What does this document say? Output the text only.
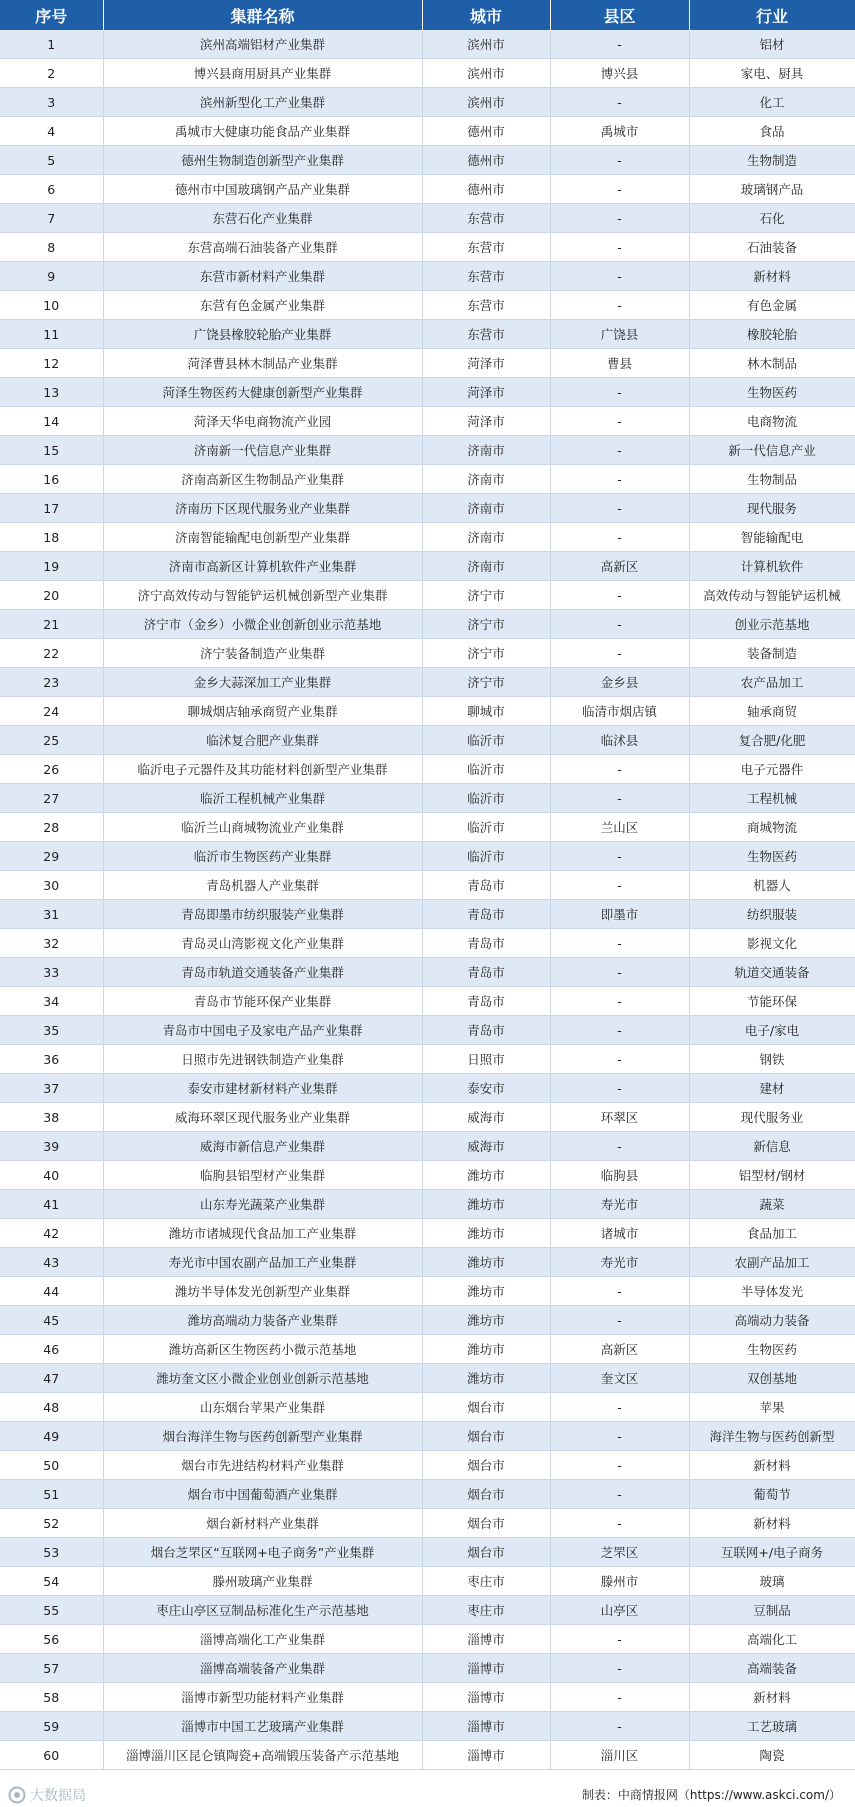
序号	集群名称	城市	县区	行业
1	滨州高端铝材产业集群	滨州市	-	铝材
2	博兴县商用厨具产业集群	滨州市	博兴县	家电、厨具
3	滨州新型化工产业集群	滨州市	-	化工
4	禹城市大健康功能食品产业集群	德州市	禹城市	食品
5	德州生物制造创新型产业集群	德州市	-	生物制造
6	德州市中国玻璃钢产品产业集群	德州市	-	玻璃钢产品
7	东营石化产业集群	东营市	-	石化
8	东营高端石油装备产业集群	东营市	-	石油装备
9	东营市新材料产业集群	东营市	-	新材料
10	东营有色金属产业集群	东营市	-	有色金属
11	广饶县橡胶轮胎产业集群	东营市	广饶县	橡胶轮胎
12	菏泽曹县林木制品产业集群	菏泽市	曹县	林木制品
13	菏泽生物医药大健康创新型产业集群	菏泽市	-	生物医药
14	菏泽天华电商物流产业园	菏泽市	-	电商物流
15	济南新一代信息产业集群	济南市	-	新一代信息产业
16	济南高新区生物制品产业集群	济南市	-	生物制品
17	济南历下区现代服务业产业集群	济南市	-	现代服务
18	济南智能输配电创新型产业集群	济南市	-	智能输配电
19	济南市高新区计算机软件产业集群	济南市	高新区	计算机软件
20	济宁高效传动与智能铲运机械创新型产业集群	济宁市	-	高效传动与智能铲运机械
21	济宁市（金乡）小微企业创新创业示范基地	济宁市	-	创业示范基地
22	济宁装备制造产业集群	济宁市	-	装备制造
23	金乡大蒜深加工产业集群	济宁市	金乡县	农产品加工
24	聊城烟店轴承商贸产业集群	聊城市	临清市烟店镇	轴承商贸
25	临沭复合肥产业集群	临沂市	临沭县	复合肥/化肥
26	临沂电子元器件及其功能材料创新型产业集群	临沂市	-	电子元器件
27	临沂工程机械产业集群	临沂市	-	工程机械
28	临沂兰山商城物流业产业集群	临沂市	兰山区	商城物流
29	临沂市生物医药产业集群	临沂市	-	生物医药
30	青岛机器人产业集群	青岛市	-	机器人
31	青岛即墨市纺织服装产业集群	青岛市	即墨市	纺织服装
32	青岛灵山湾影视文化产业集群	青岛市	-	影视文化
33	青岛市轨道交通装备产业集群	青岛市	-	轨道交通装备
34	青岛市节能环保产业集群	青岛市	-	节能环保
35	青岛市中国电子及家电产品产业集群	青岛市	-	电子/家电
36	日照市先进钢铁制造产业集群	日照市	-	钢铁
37	泰安市建材新材料产业集群	泰安市	-	建材
38	威海环翠区现代服务业产业集群	威海市	环翠区	现代服务业
39	威海市新信息产业集群	威海市	-	新信息
40	临朐县铝型材产业集群	潍坊市	临朐县	铝型材/钢材
41	山东寿光蔬菜产业集群	潍坊市	寿光市	蔬菜
42	潍坊市诸城现代食品加工产业集群	潍坊市	诸城市	食品加工
43	寿光市中国农副产品加工产业集群	潍坊市	寿光市	农副产品加工
44	潍坊半导体发光创新型产业集群	潍坊市	-	半导体发光
45	潍坊高端动力装备产业集群	潍坊市	-	高端动力装备
46	潍坊高新区生物医药小微示范基地	潍坊市	高新区	生物医药
47	潍坊奎文区小微企业创业创新示范基地	潍坊市	奎文区	双创基地
48	山东烟台苹果产业集群	烟台市	-	苹果
49	烟台海洋生物与医药创新型产业集群	烟台市	-	海洋生物与医药创新型
50	烟台市先进结构材料产业集群	烟台市	-	新材料
51	烟台市中国葡萄酒产业集群	烟台市	-	葡萄节
52	烟台新材料产业集群	烟台市	-	新材料
53	烟台芝罘区“互联网+电子商务”产业集群	烟台市	芝罘区	互联网+/电子商务
54	滕州玻璃产业集群	枣庄市	滕州市	玻璃
55	枣庄山亭区豆制品标准化生产示范基地	枣庄市	山亭区	豆制品
56	淄博高端化工产业集群	淄博市	-	高端化工
57	淄博高端装备产业集群	淄博市	-	高端装备
58	淄博市新型功能材料产业集群	淄博市	-	新材料
59	淄博市中国工艺玻璃产业集群	淄博市	-	工艺玻璃
60	淄博淄川区昆仑镇陶瓷+高端锻压装备产示范基地	淄博市	淄川区	陶瓷
大数据局	制表：中商情报网（https://www.askci.com/）
